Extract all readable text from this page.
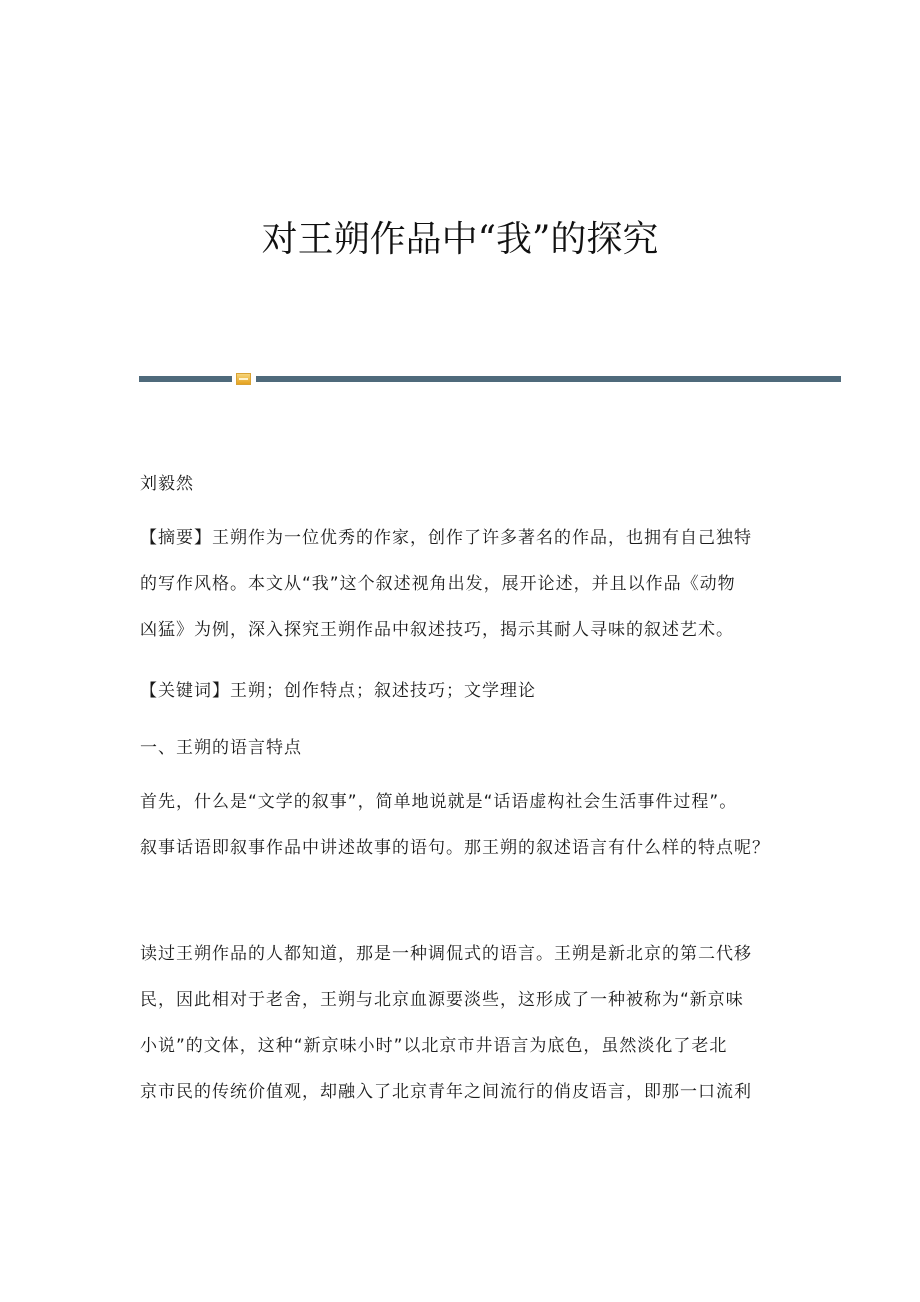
对王朔作品中“我”的探究

刘毅然

【摘要】王朔作为一位优秀的作家，创作了许多著名的作品，也拥有自己独特
的写作风格。本文从“我”这个叙述视角出发，展开论述，并且以作品《动物
凶猛》为例，深入探究王朔作品中叙述技巧，揭示其耐人寻味的叙述艺术。

【关键词】王朔；创作特点；叙述技巧；文学理论

一、王朔的语言特点

首先，什么是“文学的叙事”，简单地说就是“话语虚构社会生活事件过程”。
叙事话语即叙事作品中讲述故事的语句。那王朔的叙述语言有什么样的特点呢？

读过王朔作品的人都知道，那是一种调侃式的语言。王朔是新北京的第二代移
民，因此相对于老舍，王朔与北京血源要淡些，这形成了一种被称为“新京味
小说”的文体，这种“新京味小时”以北京市井语言为底色，虽然淡化了老北
京市民的传统价值观，却融入了北京青年之间流行的俏皮语言，即那一口流利
